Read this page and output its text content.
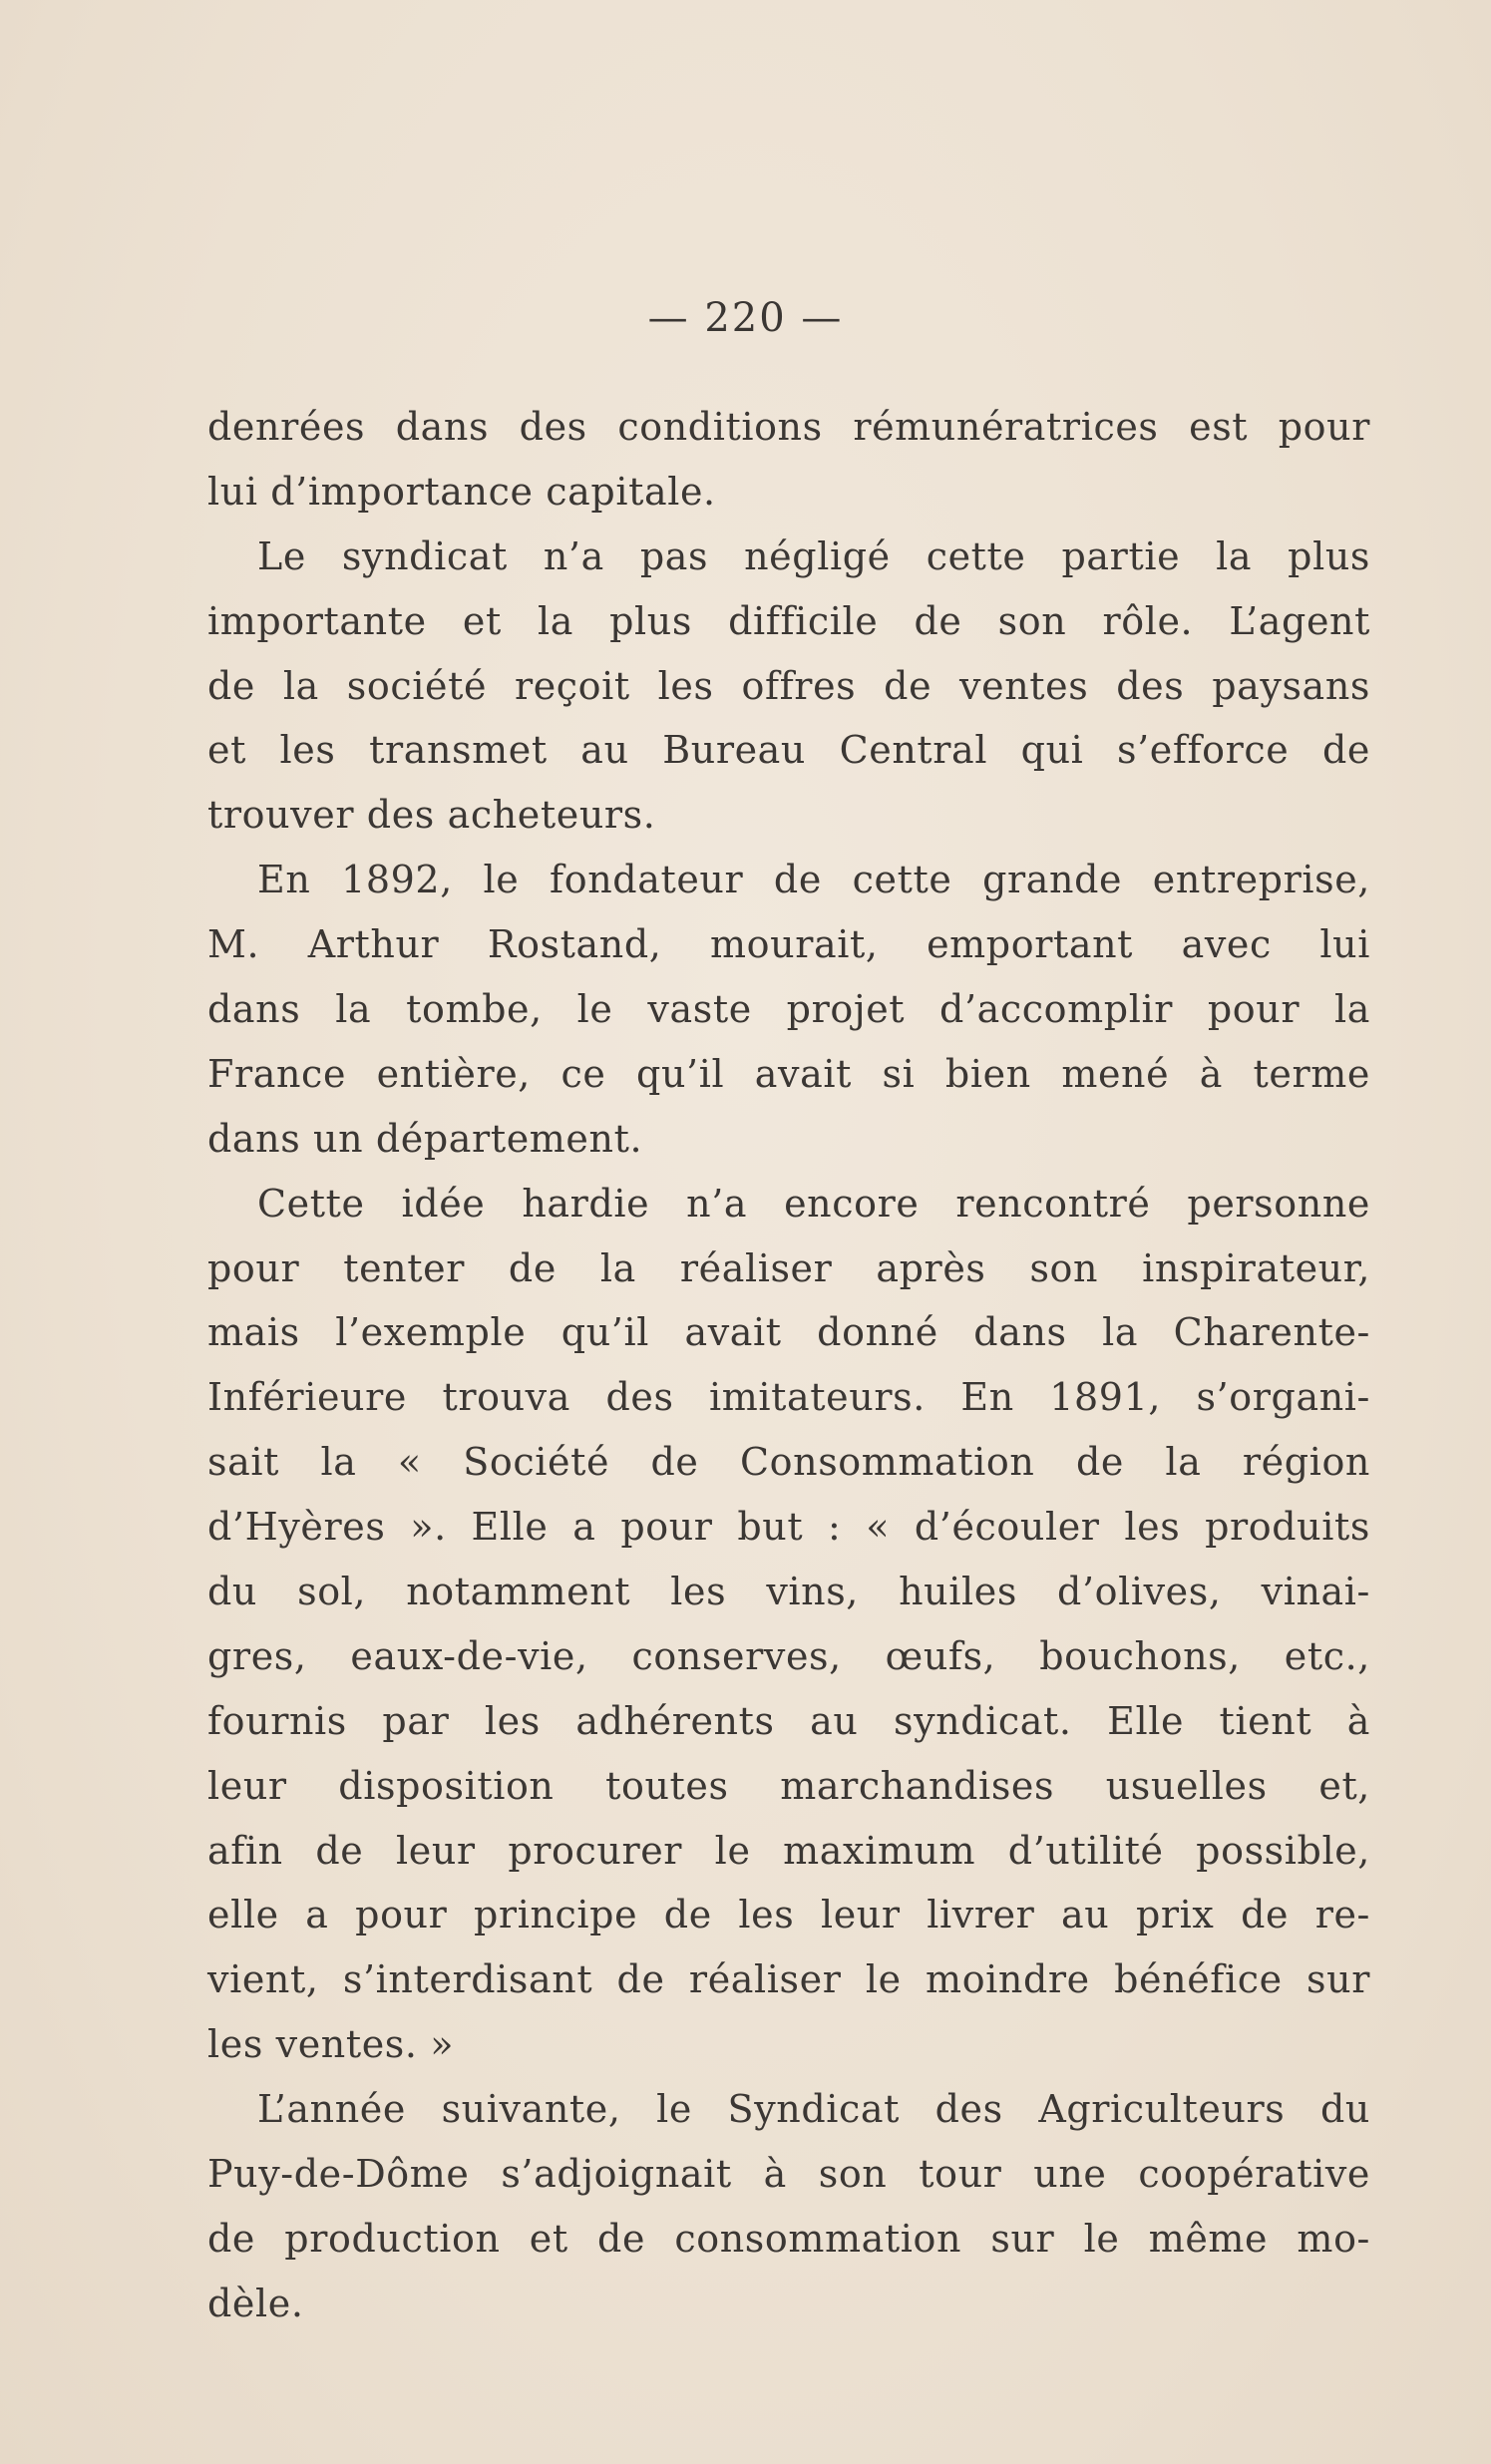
— 220 —
denrées dans des conditions rémunératrices est pour
lui d’importance capitale.
Le syndicat n’a pas négligé cette partie la plus
importante et la plus difficile de son rôle. L’agent
de la société reçoit les offres de ventes des paysans
et les transmet au Bureau Central qui s’efforce de
trouver des acheteurs.
En 1892, le fondateur de cette grande entreprise,
M. Arthur Rostand, mourait, emportant avec lui
dans la tombe, le vaste projet d’accomplir pour la
France entière, ce qu’il avait si bien mené à terme
dans un département.
Cette idée hardie n’a encore rencontré personne
pour tenter de la réaliser après son inspirateur,
mais l’exemple qu’il avait donné dans la Charente-
Inférieure trouva des imitateurs. En 1891, s’organi-
sait la « Société de Consommation de la région
d’Hyères ». Elle a pour but : « d’écouler les produits
du sol, notamment les vins, huiles d’olives, vinai-
gres, eaux-de-vie, conserves, œufs, bouchons, etc.,
fournis par les adhérents au syndicat. Elle tient à
leur disposition toutes marchandises usuelles et,
afin de leur procurer le maximum d’utilité possible,
elle a pour principe de les leur livrer au prix de re-
vient, s’interdisant de réaliser le moindre bénéfice sur
les ventes. »
L’année suivante, le Syndicat des Agriculteurs du
Puy-de-Dôme s’adjoignait à son tour une coopérative
de production et de consommation sur le même mo-
dèle.
